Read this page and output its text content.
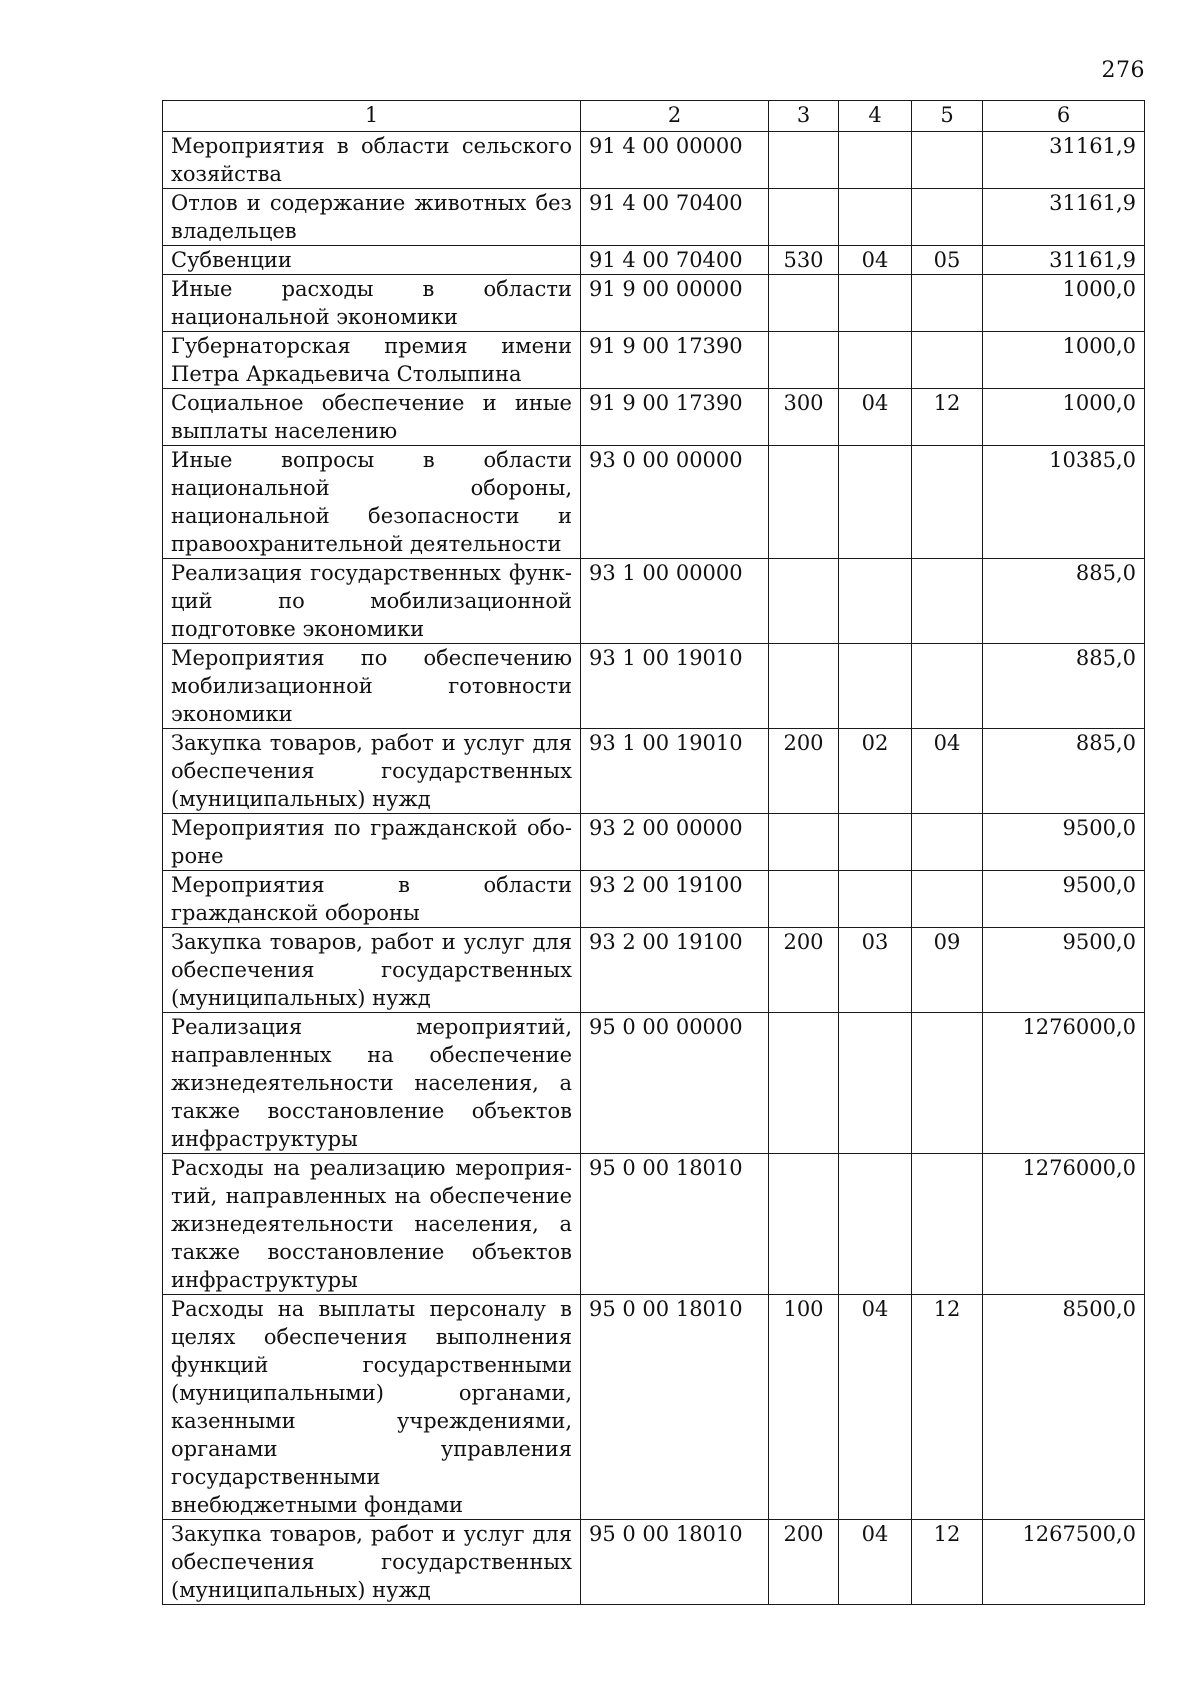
276
1	2	3	4	5	6
Мероприятия в области сельского хозяйства	91 4 00 00000				31161,9
Отлов и содержание животных без владельцев	91 4 00 70400				31161,9
Субвенции	91 4 00 70400	530	04	05	31161,9
Иные расходы в области национальной экономики	91 9 00 00000				1000,0
Губернаторская премия имени Петра Аркадьевича Столыпина	91 9 00 17390				1000,0
Социальное обеспечение и иные выплаты населению	91 9 00 17390	300	04	12	1000,0
Иные вопросы в области национальной обороны, национальной безопасности и правоохранительной деятельности	93 0 00 00000				10385,0
Реализация государственных функций по мобилизационной подготовке экономики	93 1 00 00000				885,0
Мероприятия по обеспечению мобилизационной готовности экономики	93 1 00 19010				885,0
Закупка товаров, работ и услуг для обеспечения государственных (муниципальных) нужд	93 1 00 19010	200	02	04	885,0
Мероприятия по гражданской обороне	93 2 00 00000				9500,0
Мероприятия в области гражданской обороны	93 2 00 19100				9500,0
Закупка товаров, работ и услуг для обеспечения государственных (муниципальных) нужд	93 2 00 19100	200	03	09	9500,0
Реализация мероприятий, направленных на обеспечение жизнедеятельности населения, а также восстановление объектов инфраструктуры	95 0 00 00000				1276000,0
Расходы на реализацию мероприятий, направленных на обеспечение жизнедеятельности населения, а также восстановление объектов инфраструктуры	95 0 00 18010				1276000,0
Расходы на выплаты персоналу в целях обеспечения выполнения функций государственными (муниципальными) органами, казенными учреждениями, органами управления государственными внебюджетными фондами	95 0 00 18010	100	04	12	8500,0
Закупка товаров, работ и услуг для обеспечения государственных (муниципальных) нужд	95 0 00 18010	200	04	12	1267500,0
